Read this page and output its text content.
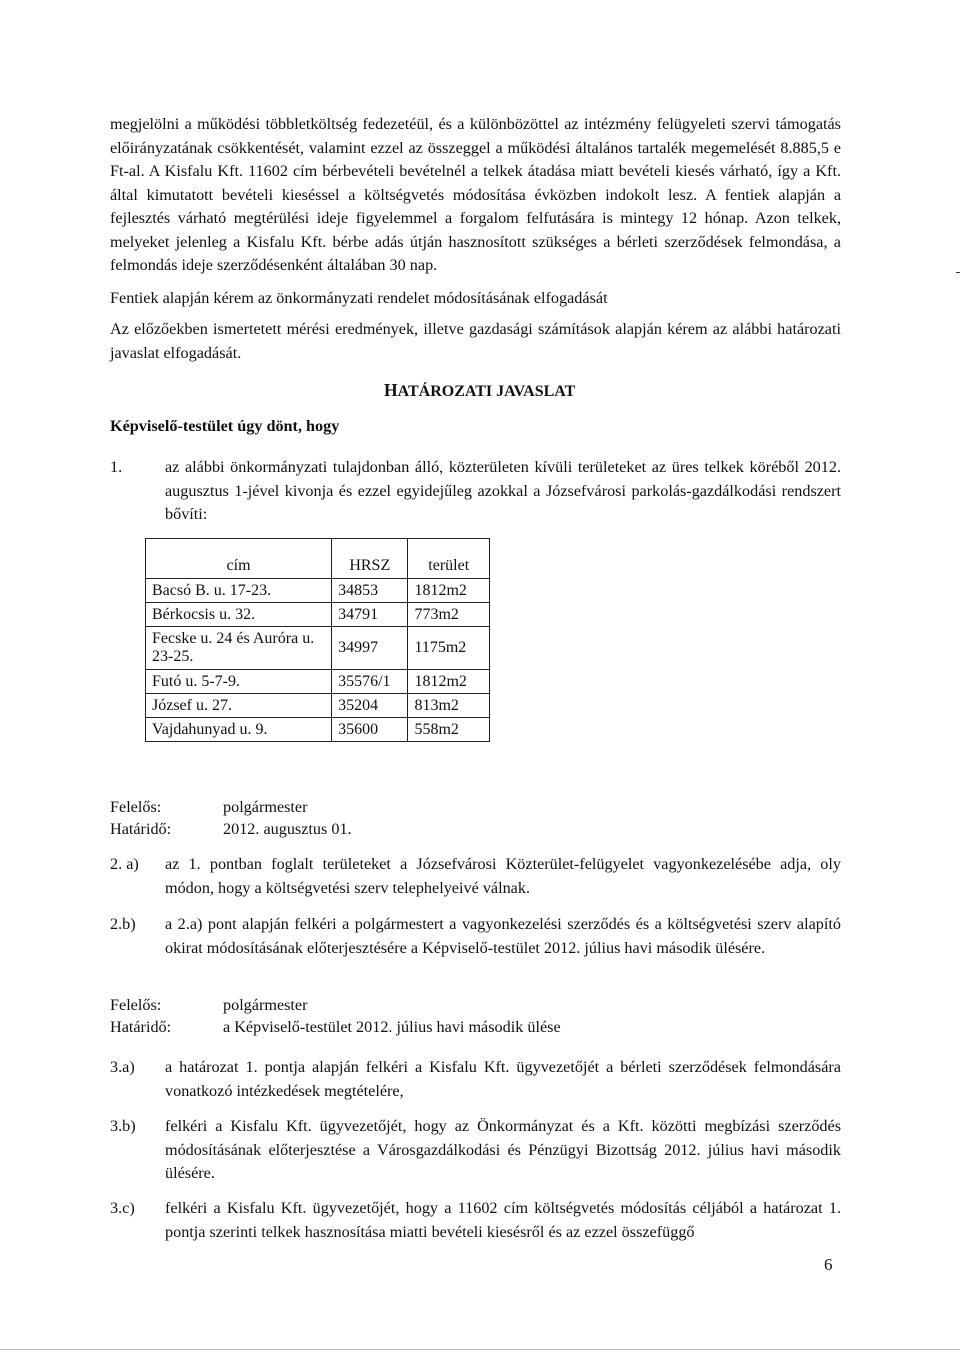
megjelölni a működési többletköltség fedezetéül, és a különbözöttel az intézmény felügyeleti szervi támogatás előirányzatának csökkentését, valamint ezzel az összeggel a működési általános tartalék megemelését 8.885,5 e Ft-al. A Kisfalu Kft. 11602 cím bérbevételi bevételnél a telkek átadása miatt bevételi kiesés várható, így a Kft. által kimutatott bevételi kieséssel a költségvetés módosítása évközben indokolt lesz. A fentiek alapján a fejlesztés várható megtérülési ideje figyelemmel a forgalom felfutására is mintegy 12 hónap. Azon telkek, melyeket jelenleg a Kisfalu Kft. bérbe adás útján hasznosított szükséges a bérleti szerződések felmondása, a felmondás ideje szerződésenként általában 30 nap.

Fentiek alapján kérem az önkormányzati rendelet módosításának elfogadását

Az előzőekben ismertetett mérési eredmények, illetve gazdasági számítások alapján kérem az alábbi határozati javaslat elfogadását.

HATÁROZATI JAVASLAT
Képviselő-testület úgy dönt, hogy
1.	az alábbi önkormányzati tulajdonban álló, közterületen kívüli területeket az üres telkek köréből 2012. augusztus 1-jével kivonja és ezzel egyidejűleg azokkal a Józsefvárosi parkolás-gazdálkodási rendszert bővíti:

cím	HRSZ	terület
Bacsó B. u. 17-23.	34853	1812m2
Bérkocsis u. 32.	34791	773m2
Fecske u. 24 és Auróra u. 23-25.	34997	1175m2
Futó u. 5-7-9.	35576/1	1812m2
József u. 27.	35204	813m2
Vajdahunyad u. 9.	35600	558m2
Felelős:	polgármester
Határidő:	2012. augusztus 01.
2. a) az 1. pontban foglalt területeket a Józsefvárosi Közterület-felügyelet vagyonkezelésébe adja, oly módon, hogy a költségvetési szerv telephelyeivé válnak.

2.b) a 2.a) pont alapján felkéri a polgármestert a vagyonkezelési szerződés és a költségvetési szerv alapító okirat módosításának előterjesztésére a Képviselő-testület 2012. július havi második ülésére.

Felelős:	polgármester
Határidő:	a Képviselő-testület 2012. július havi második ülése
3.a) a határozat 1. pontja alapján felkéri a Kisfalu Kft. ügyvezetőjét a bérleti szerződések felmondására vonatkozó intézkedések megtételére,

3.b) felkéri a Kisfalu Kft. ügyvezetőjét, hogy az Önkormányzat és a Kft. közötti megbízási szerződés módosításának előterjesztése a Városgazdálkodási és Pénzügyi Bizottság 2012. július havi második ülésére.

3.c) felkéri a Kisfalu Kft. ügyvezetőjét, hogy a 11602 cím költségvetés módosítás céljából a határozat 1. pontja szerinti telkek hasznosítása miatti bevételi kiesésről és az ezzel összefüggő

6
